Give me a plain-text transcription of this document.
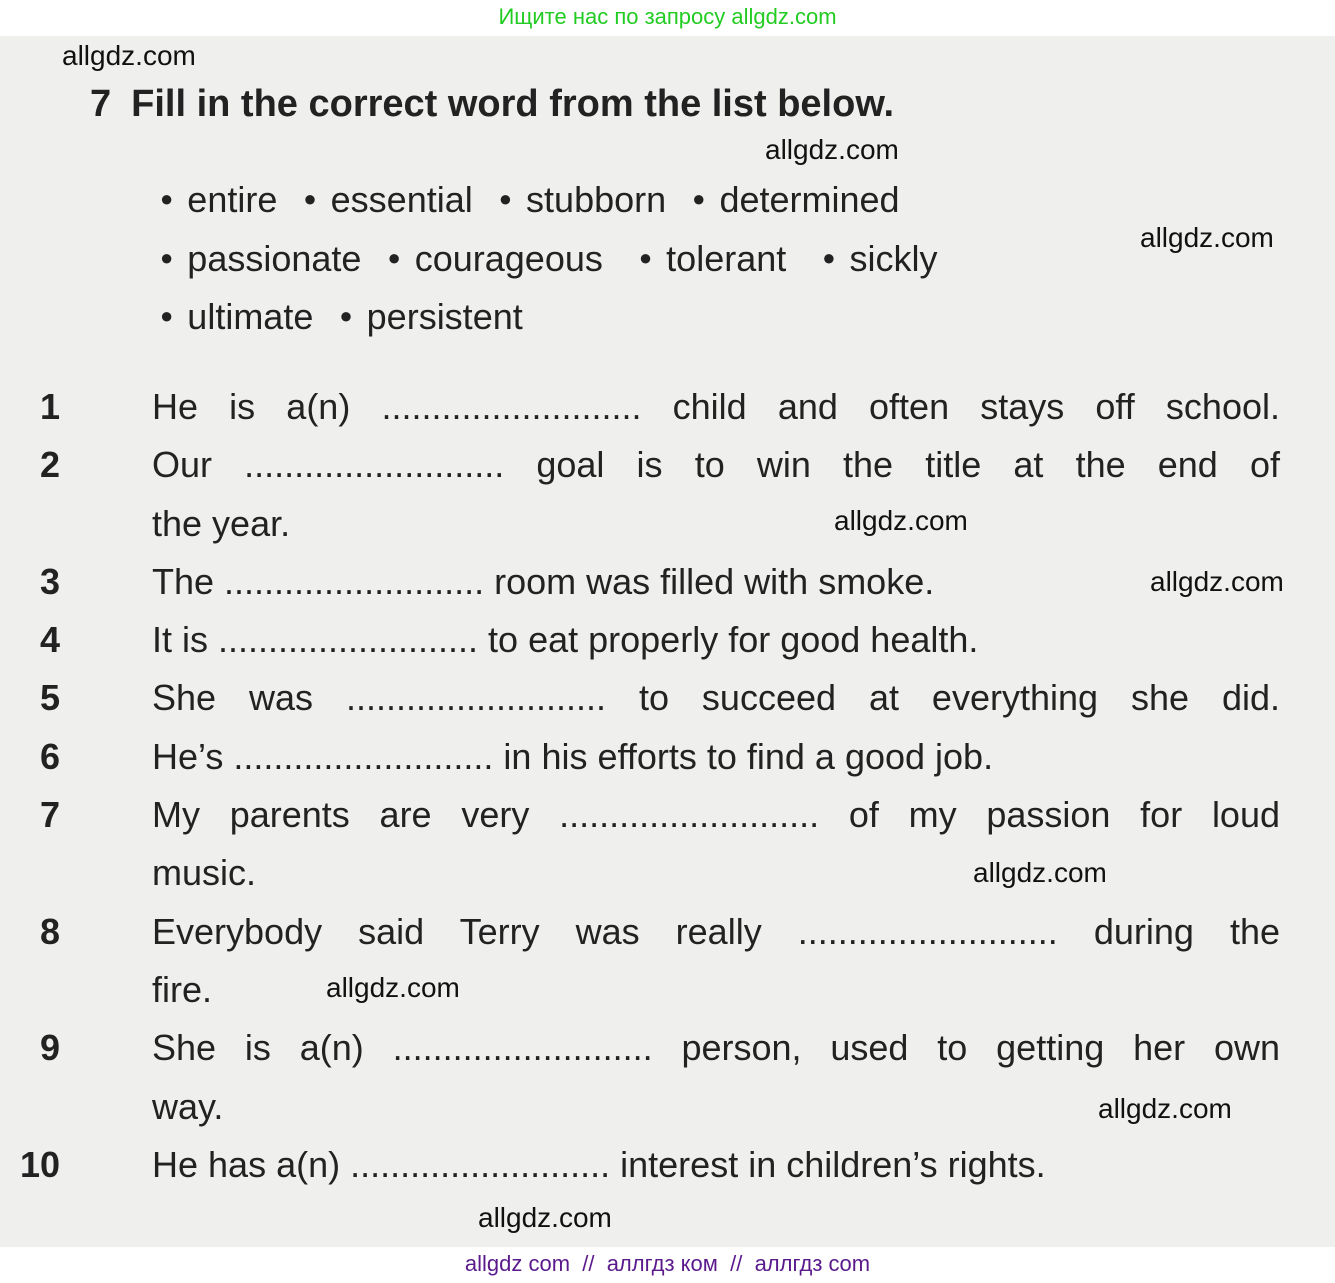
Ищите нас по запросу allgdz.com
7 Fill in the correct word from the list below.
● entire ● essential ● stubborn ● determined
● passionate ● courageous ● tolerant ● sickly
● ultimate ● persistent
1	He is a(n) .......................... child and often stays off school.
2	Our .......................... goal is to win the title at the end of
the year.
3	The .......................... room was filled with smoke.
4	It is .......................... to eat properly for good health.
5	She was .......................... to succeed at everything she did.
6	He’s .......................... in his efforts to find a good job.
7	My parents are very .......................... of my passion for loud
music.
8	Everybody said Terry was really .......................... during the
fire.
9	She is a(n) .......................... person, used to getting her own
way.
10	He has a(n) .......................... interest in children’s rights.
allgdz.com
allgdz.com
allgdz.com
allgdz.com
allgdz.com
allgdz.com
allgdz.com
allgdz.com
allgdz.com
allgdz com  //  аллгдз ком  //  аллгдз com
